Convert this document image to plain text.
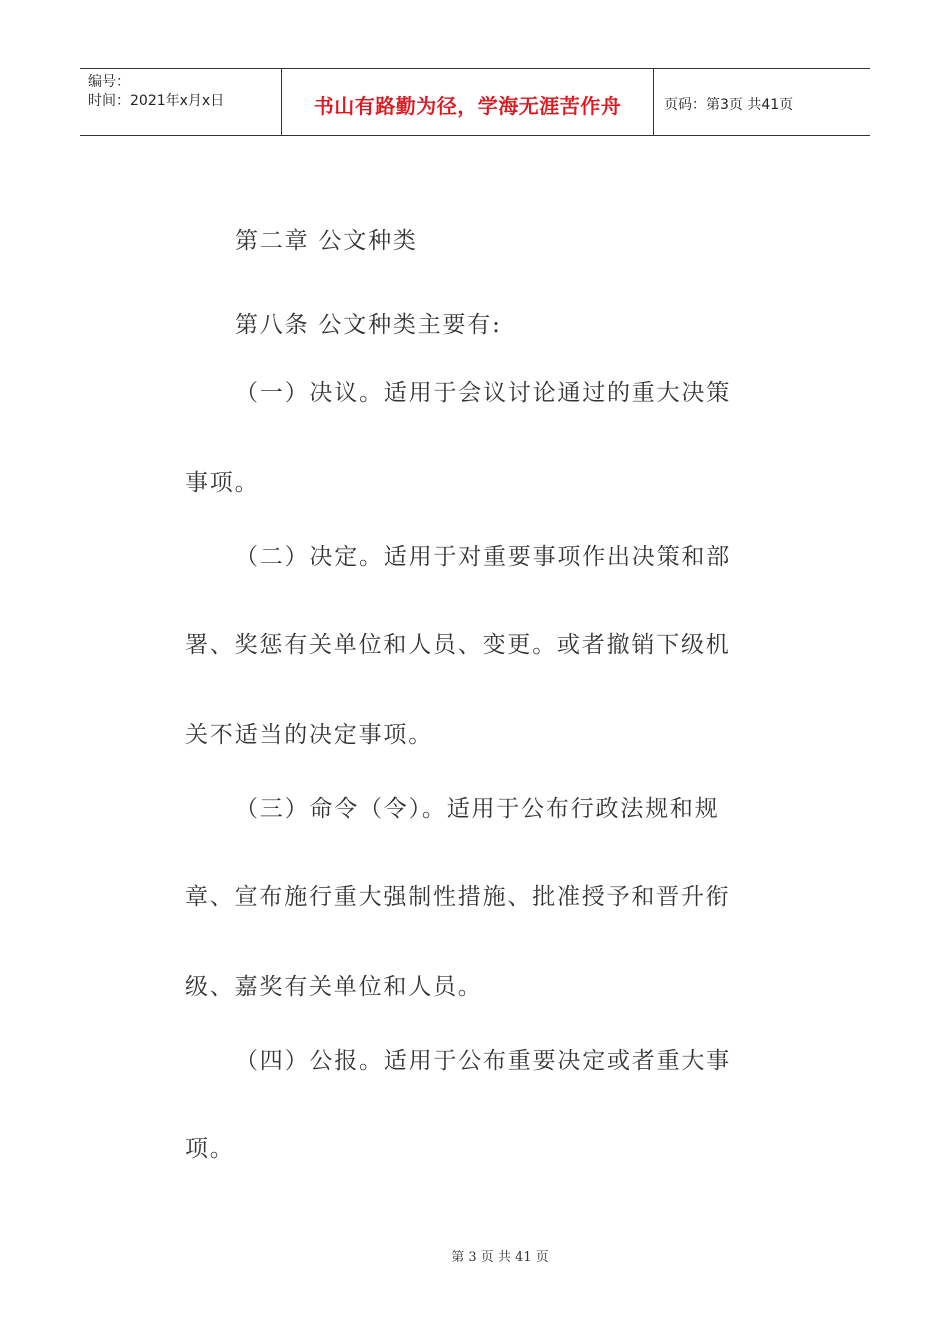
编号：
时间：2021年x月x日	书山有路勤为径，学海无涯苦作舟	页码：第3页 共41页
第二章 公文种类
第八条 公文种类主要有:
（一）决议。适用于会议讨论通过的重大决策
事项。
（二）决定。适用于对重要事项作出决策和部
署、奖惩有关单位和人员、变更。或者撤销下级机
关不适当的决定事项。
（三）命令（令）。适用于公布行政法规和规
章、宣布施行重大强制性措施、批准授予和晋升衔
级、嘉奖有关单位和人员。
（四）公报。适用于公布重要决定或者重大事
项。
第 3 页 共 41 页
